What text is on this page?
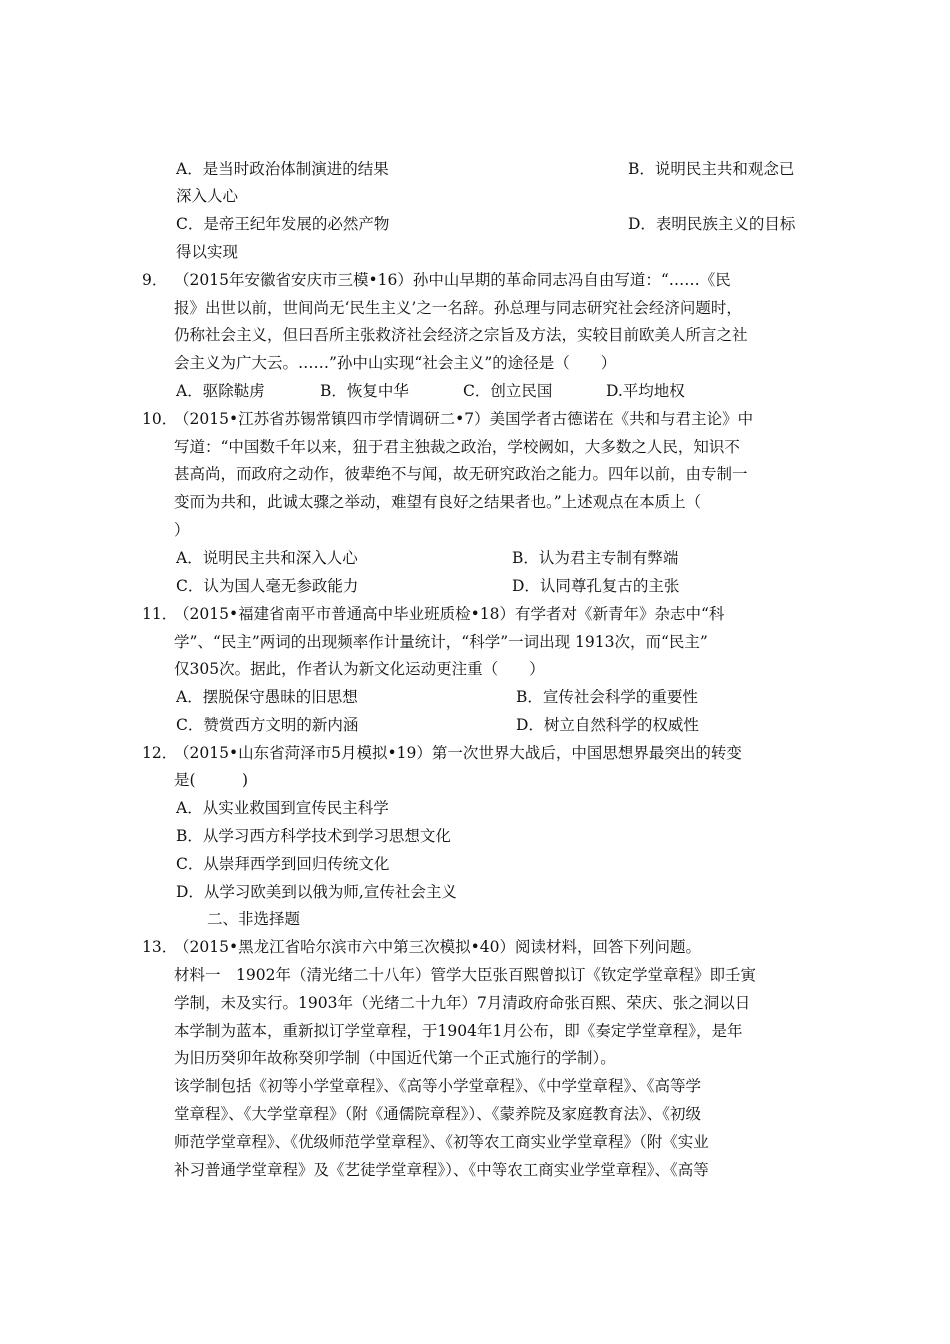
A．是当时政治体制演进的结果	B．说明民主共和观念已
深入人心
C．是帝王纪年发展的必然产物	D．表明民族主义的目标
得以实现
9． （2015年安徽省安庆市三模•16）孙中山早期的革命同志冯自由写道：“……《民
报》出世以前，世间尚无‘民生主义’之一名辞。孙总理与同志研究社会经济问题时，
仍称社会主义，但曰吾所主张救济社会经济之宗旨及方法，实较目前欧美人所言之社
会主义为广大云。……”孙中山实现“社会主义”的途径是（　　）
A．驱除鞑虏	B．恢复中华	C．创立民国	D.平均地权
10．
（2015•江苏省苏锡常镇四市学情调研二•7）美国学者古德诺在《共和与君主论》中
写道：“中国数千年以来，狃于君主独裁之政治，学校阙如，大多数之人民，知识不
甚高尚，而政府之动作，彼辈绝不与闻，故无研究政治之能力。四年以前，由专制一
变而为共和，此诚太骤之举动，难望有良好之结果者也。”上述观点在本质上（
）
A．说明民主共和深入人心	B．认为君主专制有弊端
C．认为国人毫无参政能力	D．认同尊孔复古的主张
11．
（2015•福建省南平市普通高中毕业班质检•18）有学者对《新青年》杂志中“科
学”、“民主”两词的出现频率作计量统计，“科学”一词出现 1913次，而“民主”
仅305次。据此，作者认为新文化运动更注重（　　）
A．摆脱保守愚昧的旧思想	B．宣传社会科学的重要性
C．赞赏西方文明的新内涵	D．树立自然科学的权威性
12．
（2015•山东省菏泽市5月模拟•19）第一次世界大战后，中国思想界最突出的转变
是(　　　)
A．从实业救国到宣传民主科学
B．从学习西方科学技术到学习思想文化
C．从崇拜西学到回归传统文化
D．从学习欧美到以俄为师,宣传社会主义
二、非选择题
13．
（2015•黑龙江省哈尔滨市六中第三次模拟•40）阅读材料，回答下列问题。
材料一　1902年（清光绪二十八年）管学大臣张百熙曾拟订《钦定学堂章程》即壬寅
学制，未及实行。1903年（光绪二十九年）7月清政府命张百熙、荣庆、张之洞以日
本学制为蓝本，重新拟订学堂章程，于1904年1月公布，即《奏定学堂章程》，是年
为旧历癸卯年故称癸卯学制（中国近代第一个正式施行的学制）。
该学制包括《初等小学堂章程》、《高等小学堂章程》、《中学堂章程》、《高等学
堂章程》、《大学堂章程》（附《通儒院章程》）、《蒙养院及家庭教育法》、《初级
师范学堂章程》、《优级师范学堂章程》、《初等农工商实业学堂章程》（附《实业
补习普通学堂章程》及《艺徒学堂章程》）、《中等农工商实业学堂章程》、《高等
